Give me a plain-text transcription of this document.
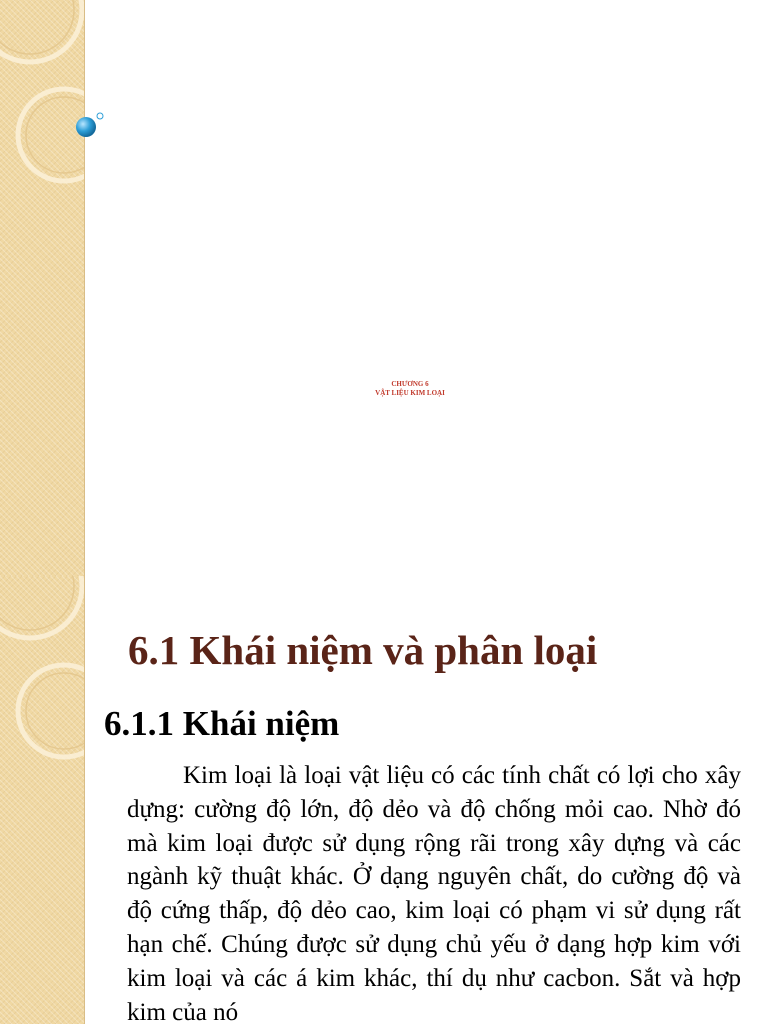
CHƯƠNG 6
VẬT LIỆU KIM LOẠI
6.1 Khái niệm và phân loại
6.1.1 Khái niệm

Kim loại là loại vật liệu có các tính chất có lợi cho xây dựng: cường độ lớn, độ dẻo và độ chống mỏi cao. Nhờ đó mà kim loại được sử dụng rộng rãi trong xây dựng và các ngành kỹ thuật khác. Ở dạng nguyên chất, do cường độ và độ cứng thấp, độ dẻo cao, kim loại có phạm vi sử dụng rất hạn chế. Chúng được sử dụng chủ yếu ở dạng hợp kim với kim loại và các á kim khác, thí dụ như cacbon. Sắt và hợp kim của nó
